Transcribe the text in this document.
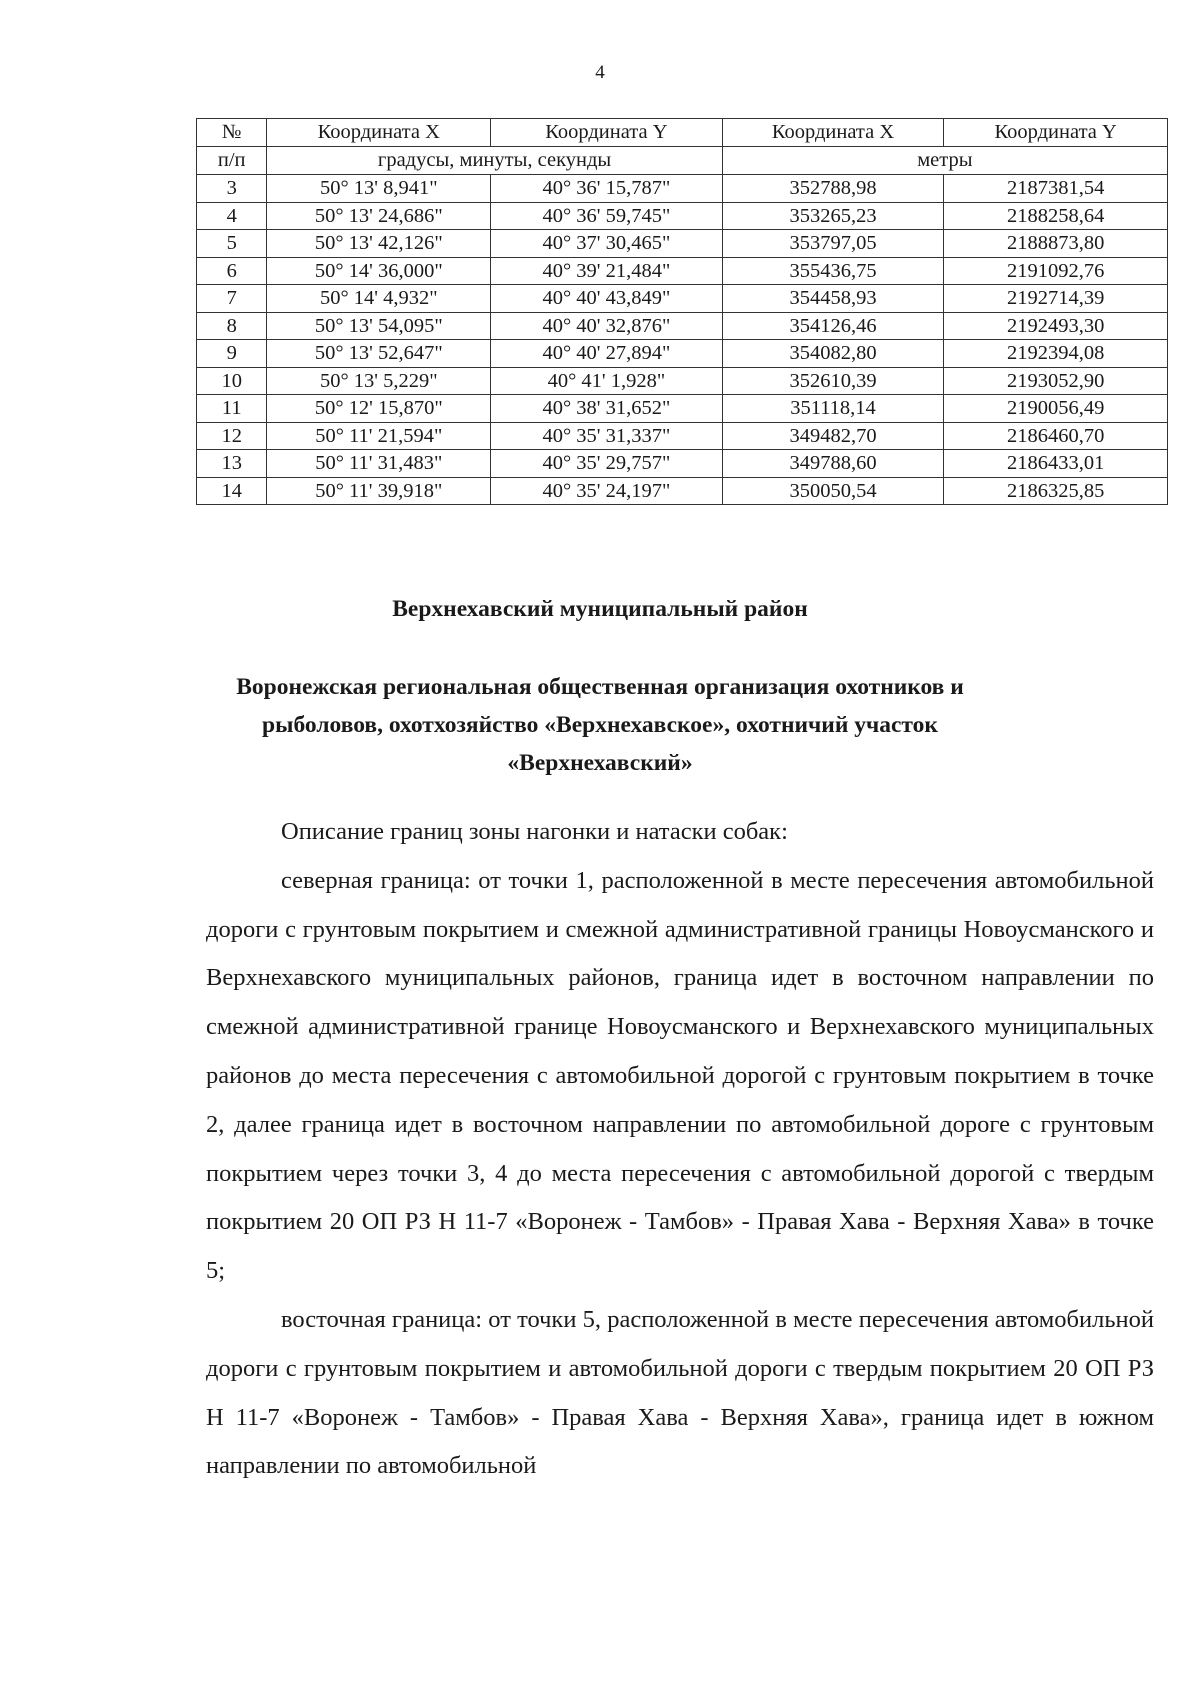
4
№	Координата X	Координата Y	Координата X	Координата Y
п/п	градусы, минуты, секунды		метры	
3	50° 13' 8,941"	40° 36' 15,787"	352788,98	2187381,54
4	50° 13' 24,686"	40° 36' 59,745"	353265,23	2188258,64
5	50° 13' 42,126"	40° 37' 30,465"	353797,05	2188873,80
6	50° 14' 36,000"	40° 39' 21,484"	355436,75	2191092,76
7	50° 14' 4,932"	40° 40' 43,849"	354458,93	2192714,39
8	50° 13' 54,095"	40° 40' 32,876"	354126,46	2192493,30
9	50° 13' 52,647"	40° 40' 27,894"	354082,80	2192394,08
10	50° 13' 5,229"	40° 41' 1,928"	352610,39	2193052,90
11	50° 12' 15,870"	40° 38' 31,652"	351118,14	2190056,49
12	50° 11' 21,594"	40° 35' 31,337"	349482,70	2186460,70
13	50° 11' 31,483"	40° 35' 29,757"	349788,60	2186433,01
14	50° 11' 39,918"	40° 35' 24,197"	350050,54	2186325,85
Верхнехавский муниципальный район
Воронежская региональная общественная организация охотников и
рыболовов, охотхозяйство «Верхнехавское», охотничий участок
«Верхнехавский»

Описание границ зоны нагонки и натаски собак:

северная граница: от точки 1, расположенной в месте пересечения автомобильной дороги с грунтовым покрытием и смежной административной границы Новоусманского и Верхнехавского муниципальных районов, граница идет в восточном направлении по смежной административной границе Новоусманского и Верхнехавского муниципальных районов до места пересечения с автомобильной дорогой с грунтовым покрытием в точке 2, далее граница идет в восточном направлении по автомобильной дороге с грунтовым покрытием через точки 3, 4 до места пересечения с автомобильной дорогой с твердым покрытием 20 ОП РЗ Н 11-7 «Воронеж - Тамбов» - Правая Хава - Верхняя Хава» в точке 5;

восточная граница: от точки 5, расположенной в месте пересечения автомобильной дороги с грунтовым покрытием и автомобильной дороги с твердым покрытием 20 ОП РЗ Н 11-7 «Воронеж - Тамбов» - Правая Хава - Верхняя Хава», граница идет в южном направлении по автомобильной
